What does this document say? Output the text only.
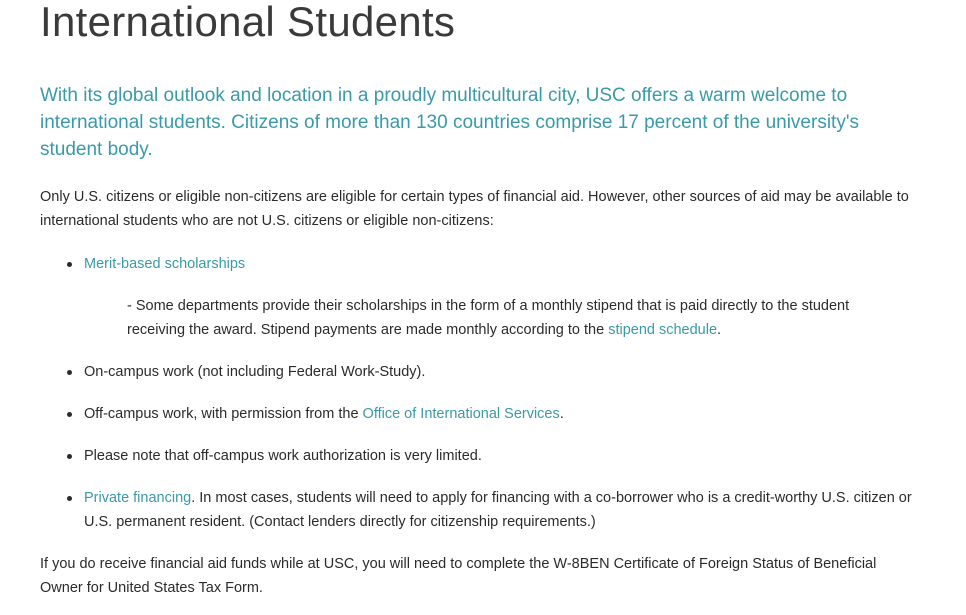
International Students

With its global outlook and location in a proudly multicultural city, USC offers a warm welcome to international students. Citizens of more than 130 countries comprise 17 percent of the university's student body.

Only U.S. citizens or eligible non-citizens are eligible for certain types of financial aid. However, other sources of aid may be available to international students who are not U.S. citizens or eligible non-citizens:

Merit-based scholarships
- Some departments provide their scholarships in the form of a monthly stipend that is paid directly to the student receiving the award. Stipend payments are made monthly according to the stipend schedule.
On-campus work (not including Federal Work-Study).
Off-campus work, with permission from the Office of International Services.
Please note that off-campus work authorization is very limited.
Private financing. In most cases, students will need to apply for financing with a co-borrower who is a credit-worthy U.S. citizen or U.S. permanent resident. (Contact lenders directly for citizenship requirements.)

If you do receive financial aid funds while at USC, you will need to complete the W-8BEN Certificate of Foreign Status of Beneficial Owner for United States Tax Form.
